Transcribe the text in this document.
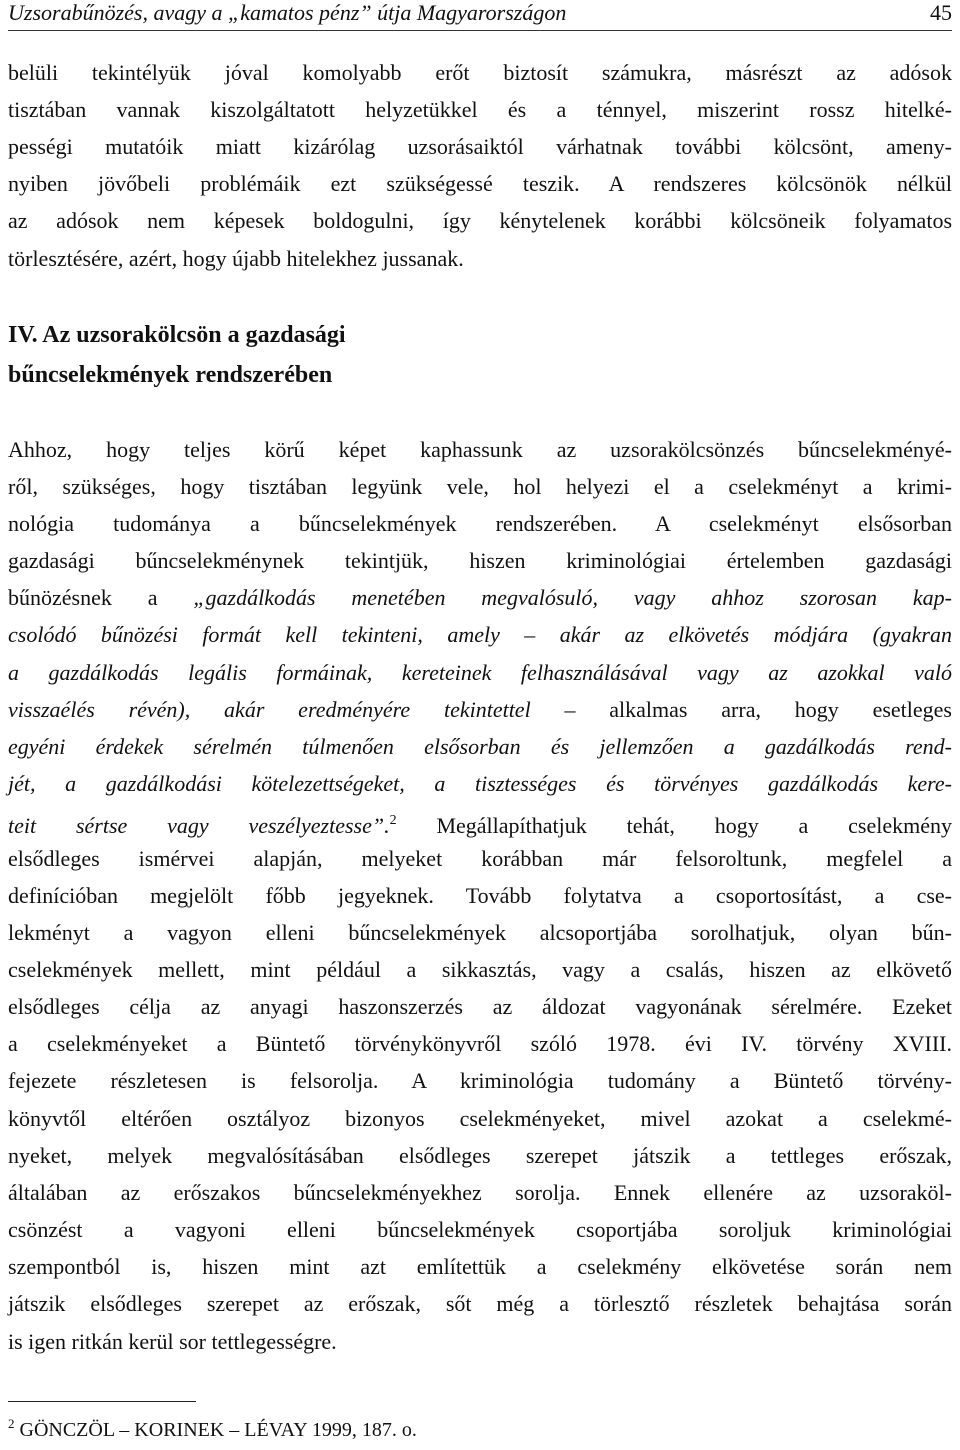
Uzsorabűnözés, avagy a „kamatos pénz” útja Magyarországon	45
belüli tekintélyük jóval komolyabb erőt biztosít számukra, másrészt az adósok
tisztában vannak kiszolgáltatott helyzetükkel és a ténnyel, miszerint rossz hitelké-
pességi mutatóik miatt kizárólag uzsorásaiktól várhatnak további kölcsönt, ameny-
nyiben jövőbeli problémáik ezt szükségessé teszik. A rendszeres kölcsönök nélkül
az adósok nem képesek boldogulni, így kénytelenek korábbi kölcsöneik folyamatos
törlesztésére, azért, hogy újabb hitelekhez jussanak.
IV. Az uzsorakölcsön a gazdasági
bűncselekmények rendszerében
Ahhoz, hogy teljes körű képet kaphassunk az uzsorakölcsönzés bűncselekményé-
ről, szükséges, hogy tisztában legyünk vele, hol helyezi el a cselekményt a krimi-
nológia tudománya a bűncselekmények rendszerében. A cselekményt elsősorban
gazdasági bűncselekménynek tekintjük, hiszen kriminológiai értelemben gazdasági
bűnözésnek a „gazdálkodás menetében megvalósuló, vagy ahhoz szorosan kap-
csolódó bűnözési formát kell tekinteni, amely – akár az elkövetés módjára (gyakran
a gazdálkodás legális formáinak, kereteinek felhasználásával vagy az azokkal való
visszaélés révén), akár eredményére tekintettel – alkalmas arra, hogy esetleges
egyéni érdekek sérelmén túlmenően elsősorban és jellemzően a gazdálkodás rend-
jét, a gazdálkodási kötelezettségeket, a tisztességes és törvényes gazdálkodás kere-
teit sértse vagy veszélyeztesse”.$^2$ Megállapíthatjuk tehát, hogy a cselekmény
elsődleges ismérvei alapján, melyeket korábban már felsoroltunk, megfelel a
definícióban megjelölt főbb jegyeknek. Tovább folytatva a csoportosítást, a cse-
lekményt a vagyon elleni bűncselekmények alcsoportjába sorolhatjuk, olyan bűn-
cselekmények mellett, mint például a sikkasztás, vagy a csalás, hiszen az elkövető
elsődleges célja az anyagi haszonszerzés az áldozat vagyonának sérelmére. Ezeket
a cselekményeket a Büntető törvénykönyvről szóló 1978. évi IV. törvény XVIII.
fejezete részletesen is felsorolja. A kriminológia tudomány a Büntető törvény-
könyvtől eltérően osztályoz bizonyos cselekményeket, mivel azokat a cselekmé-
nyeket, melyek megvalósításában elsődleges szerepet játszik a tettleges erőszak,
általában az erőszakos bűncselekményekhez sorolja. Ennek ellenére az uzsoraköl-
csönzést a vagyoni elleni bűncselekmények csoportjába soroljuk kriminológiai
szempontból is, hiszen mint azt említettük a cselekmény elkövetése során nem
játszik elsődleges szerepet az erőszak, sőt még a törlesztő részletek behajtása során
is igen ritkán kerül sor tettlegességre.
$^2$ GÖNCZÖL – KORINEK – LÉVAY 1999, 187. o.
